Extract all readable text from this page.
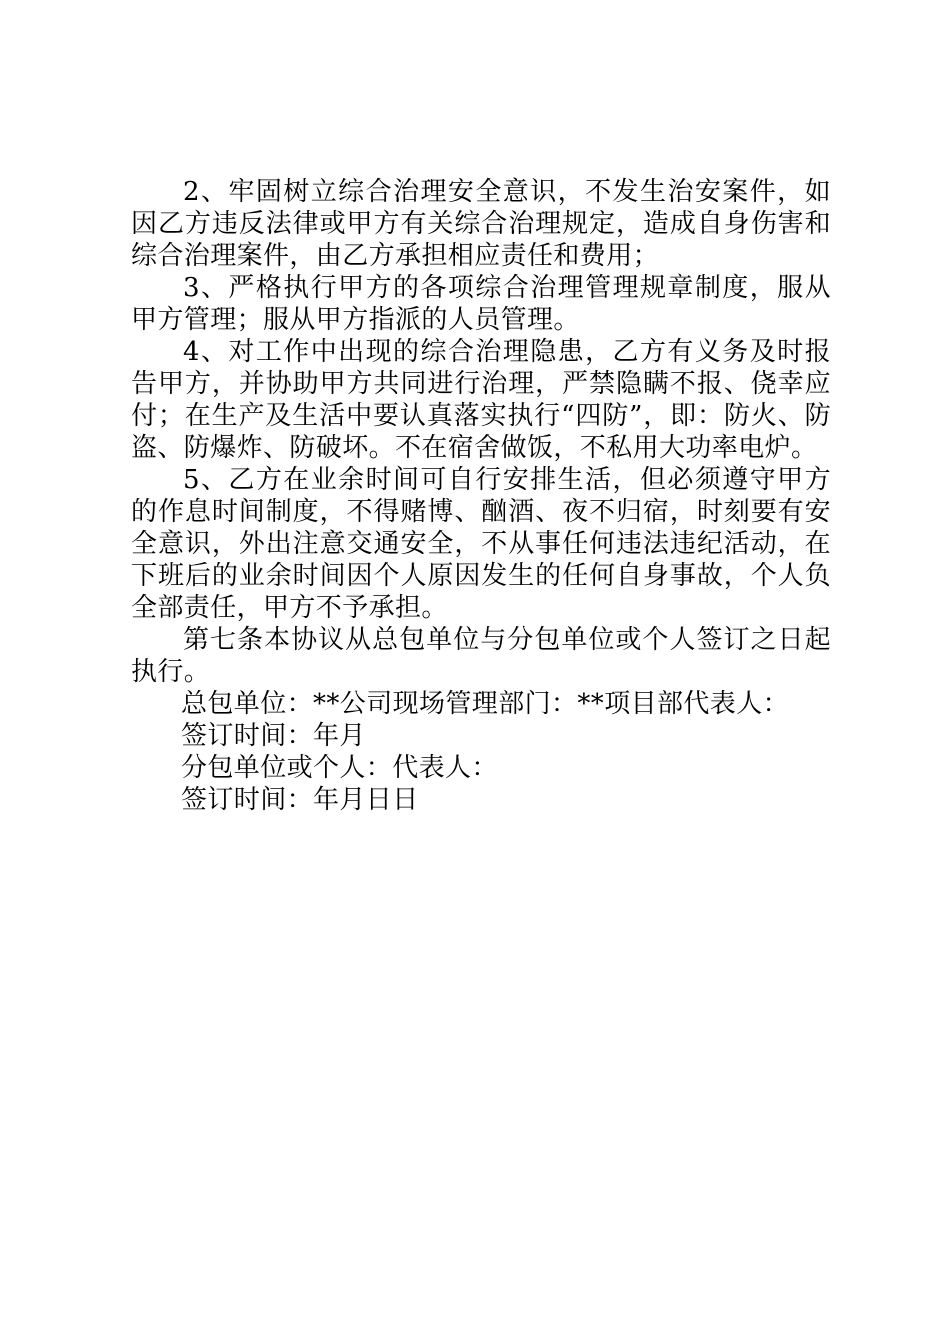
2、牢固树立综合治理安全意识，不发生治安案件，如因乙方违反法律或甲方有关综合治理规定，造成自身伤害和综合治理案件，由乙方承担相应责任和费用；

3、严格执行甲方的各项综合治理管理规章制度，服从甲方管理；服从甲方指派的人员管理。

4、对工作中出现的综合治理隐患，乙方有义务及时报告甲方，并协助甲方共同进行治理，严禁隐瞒不报、侥幸应付；在生产及生活中要认真落实执行“四防”，即：防火、防盗、防爆炸、防破坏。不在宿舍做饭，不私用大功率电炉。

5、乙方在业余时间可自行安排生活，但必须遵守甲方的作息时间制度，不得赌博、酗酒、夜不归宿，时刻要有安全意识，外出注意交通安全，不从事任何违法违纪活动，在下班后的业余时间因个人原因发生的任何自身事故，个人负全部责任，甲方不予承担。

第七条本协议从总包单位与分包单位或个人签订之日起执行。

总包单位：**公司现场管理部门：**项目部代表人：

签订时间：年月

分包单位或个人：代表人：

签订时间：年月日日
